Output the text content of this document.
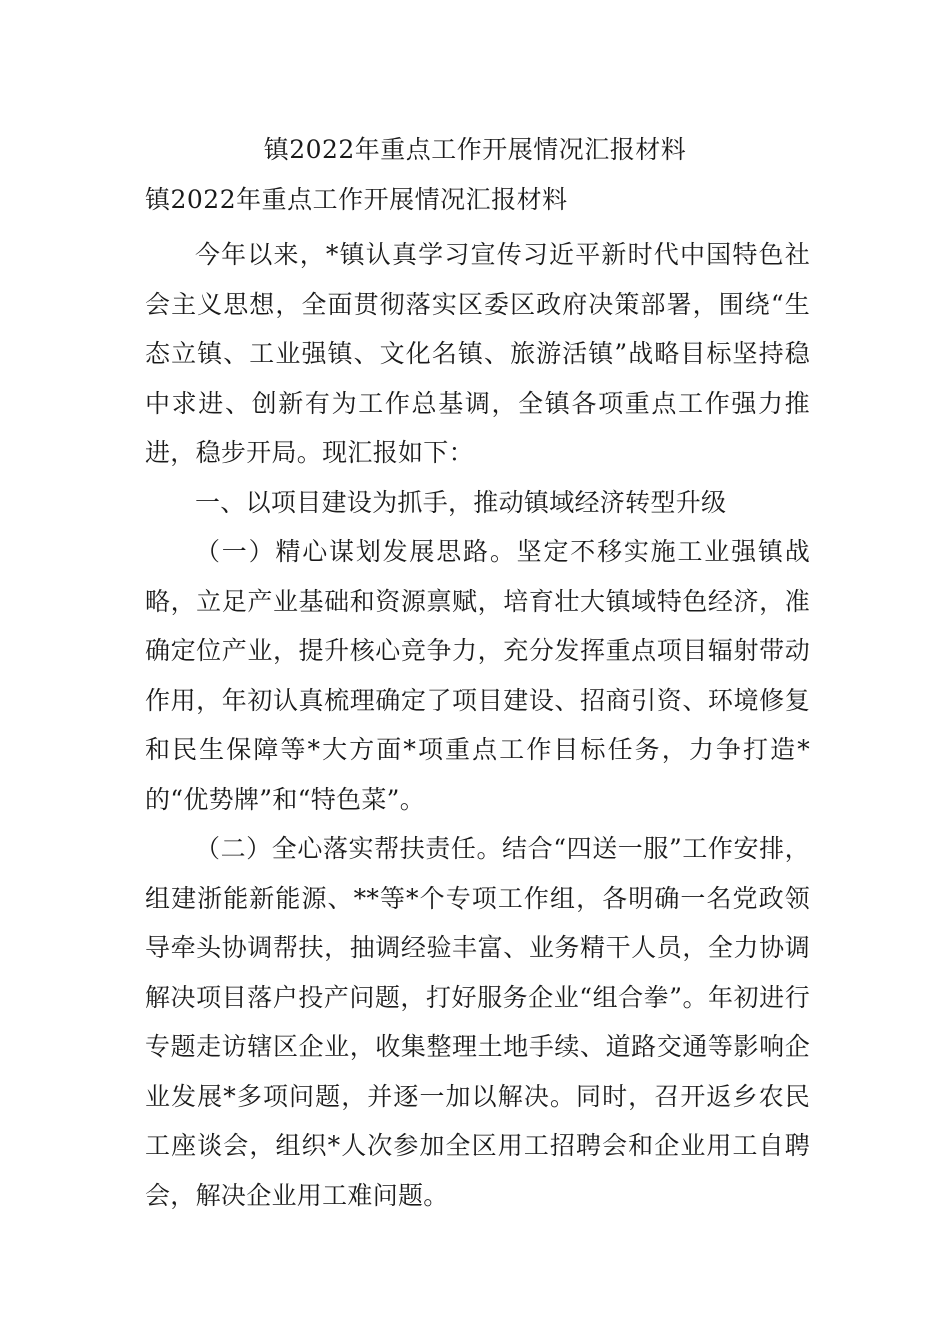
镇2022年重点工作开展情况汇报材料
镇2022年重点工作开展情况汇报材料

今年以来，*镇认真学习宣传习近平新时代中国特色社会主义思想，全面贯彻落实区委区政府决策部署，围绕“生态立镇、工业强镇、文化名镇、旅游活镇”战略目标坚持稳中求进、创新有为工作总基调，全镇各项重点工作强力推进，稳步开局。现汇报如下：

一、以项目建设为抓手，推动镇域经济转型升级

（一）精心谋划发展思路。坚定不移实施工业强镇战略，立足产业基础和资源禀赋，培育壮大镇域特色经济，准确定位产业，提升核心竞争力，充分发挥重点项目辐射带动作用，年初认真梳理确定了项目建设、招商引资、环境修复和民生保障等*大方面*项重点工作目标任务，力争打造*的“优势牌”和“特色菜”。

（二）全心落实帮扶责任。结合“四送一服”工作安排，组建浙能新能源、**等*个专项工作组，各明确一名党政领导牵头协调帮扶，抽调经验丰富、业务精干人员，全力协调解决项目落户投产问题，打好服务企业“组合拳”。年初进行专题走访辖区企业，收集整理土地手续、道路交通等影响企业发展*多项问题，并逐一加以解决。同时，召开返乡农民工座谈会，组织*人次参加全区用工招聘会和企业用工自聘会，解决企业用工难问题。
